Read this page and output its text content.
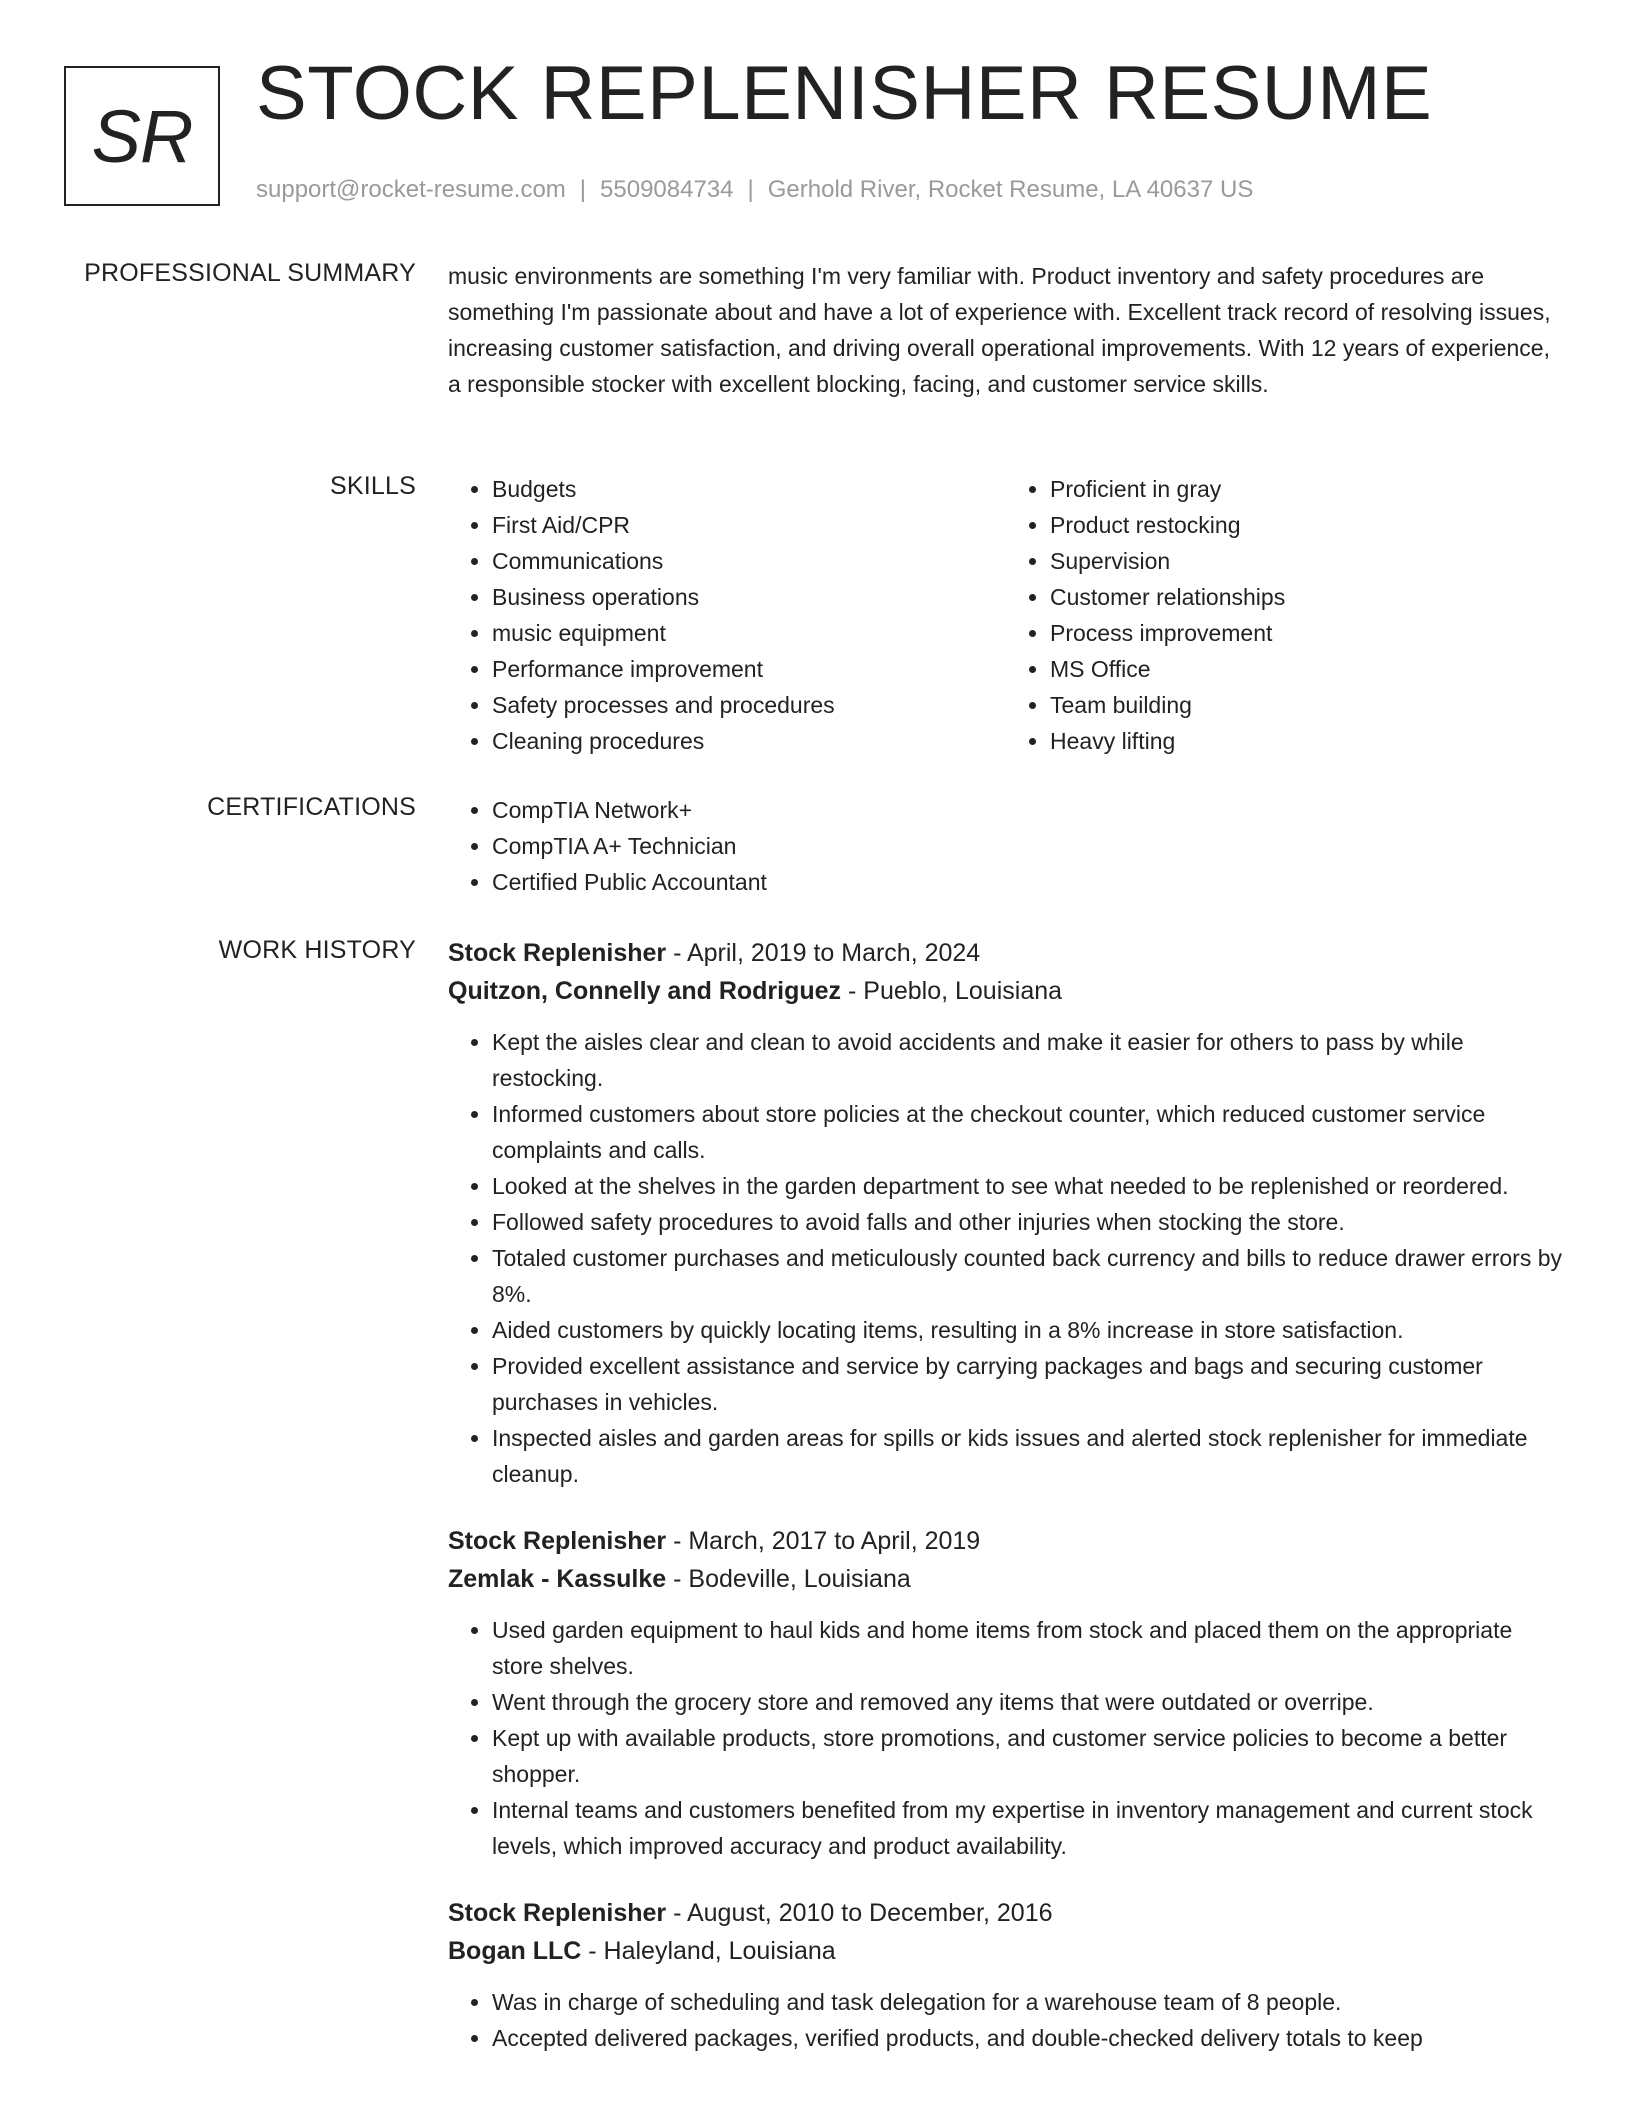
SR STOCK REPLENISHER RESUME
support@rocket-resume.com | 5509084734 | Gerhold River, Rocket Resume, LA 40637 US
PROFESSIONAL SUMMARY music environments are something I'm very familiar with. Product inventory and safety procedures are something I'm passionate about and have a lot of experience with. Excellent track record of resolving issues, increasing customer satisfaction, and driving overall operational improvements. With 12 years of experience, a responsible stocker with excellent blocking, facing, and customer service skills.

SKILLS	• Budgets
• First Aid/CPR
• Communications
• Business operations
• music equipment
• Performance improvement
• Safety processes and procedures
• Cleaning procedures
• Proficient in gray
• Product restocking
• Supervision
• Customer relationships
• Process improvement
• MS Office
• Team building
• Heavy lifting
CERTIFICATIONS	• CompTIA Network+
• CompTIA A+ Technician
• Certified Public Accountant
WORK HISTORY Stock Replenisher - April, 2019 to March, 2024
Quitzon, Connelly and Rodriguez - Pueblo, Louisiana
• Kept the aisles clear and clean to avoid accidents and make it easier for others to pass by while restocking.
• Informed customers about store policies at the checkout counter, which reduced customer service complaints and calls.
• Looked at the shelves in the garden department to see what needed to be replenished or reordered.
• Followed safety procedures to avoid falls and other injuries when stocking the store.
• Totaled customer purchases and meticulously counted back currency and bills to reduce drawer errors by 8%.
• Aided customers by quickly locating items, resulting in a 8% increase in store satisfaction.
• Provided excellent assistance and service by carrying packages and bags and securing customer purchases in vehicles.
• Inspected aisles and garden areas for spills or kids issues and alerted stock replenisher for immediate cleanup.
Stock Replenisher - March, 2017 to April, 2019
Zemlak - Kassulke - Bodeville, Louisiana
• Used garden equipment to haul kids and home items from stock and placed them on the appropriate store shelves.
• Went through the grocery store and removed any items that were outdated or overripe.
• Kept up with available products, store promotions, and customer service policies to become a better shopper.
• Internal teams and customers benefited from my expertise in inventory management and current stock levels, which improved accuracy and product availability.
Stock Replenisher - August, 2010 to December, 2016
Bogan LLC - Haleyland, Louisiana
• Was in charge of scheduling and task delegation for a warehouse team of 8 people.
• Accepted delivered packages, verified products, and double-checked delivery totals to keep
